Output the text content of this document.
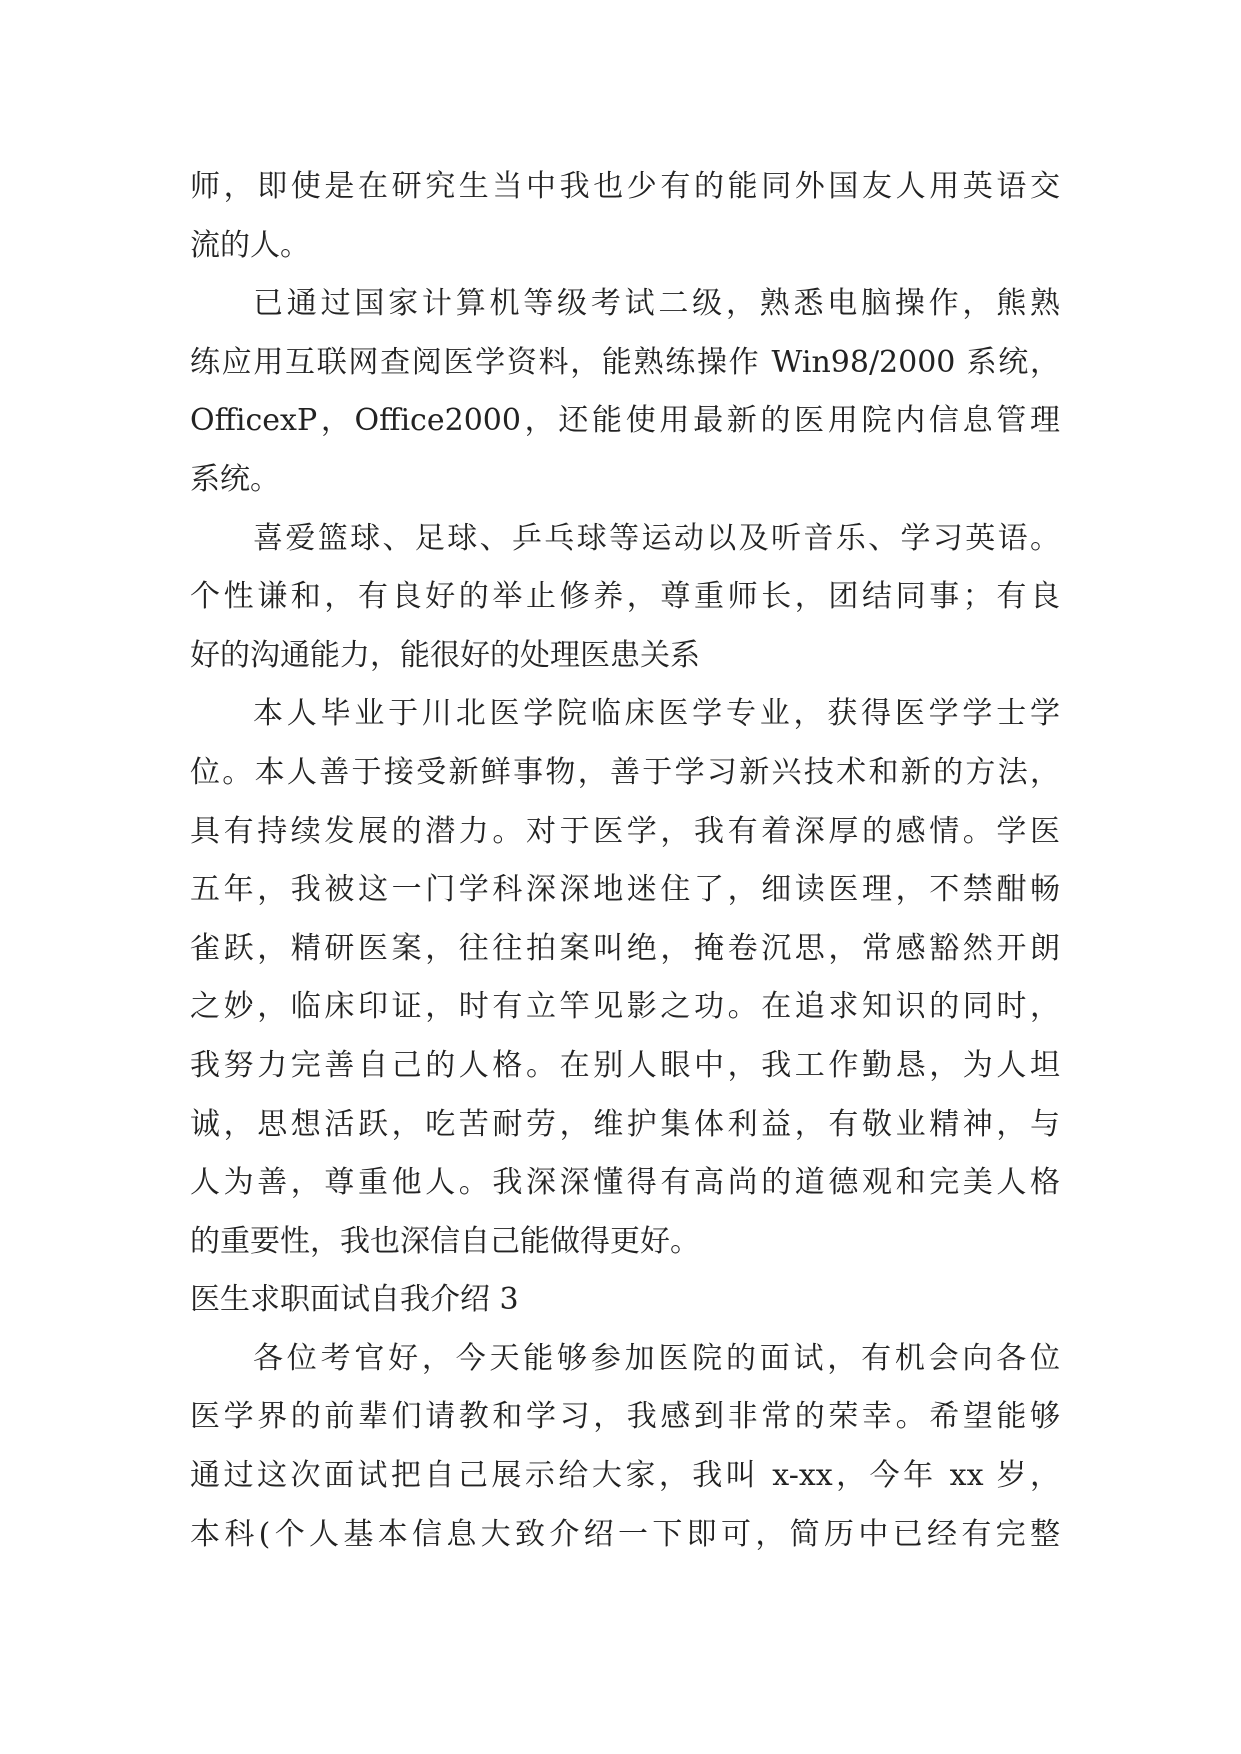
师，即使是在研究生当中我也少有的能同外国友人用英语交
流的人。
已通过国家计算机等级考试二级，熟悉电脑操作，熊熟
练应用互联网查阅医学资料，能熟练操作 Win98/2000 系统，
OfficexP，Office2000，还能使用最新的医用院内信息管理
系统。
喜爱篮球、足球、乒乓球等运动以及听音乐、学习英语。
个性谦和，有良好的举止修养，尊重师长，团结同事；有良
好的沟通能力，能很好的处理医患关系
本人毕业于川北医学院临床医学专业，获得医学学士学
位。本人善于接受新鲜事物，善于学习新兴技术和新的方法，
具有持续发展的潜力。对于医学，我有着深厚的感情。学医
五年，我被这一门学科深深地迷住了，细读医理，不禁酣畅
雀跃，精研医案，往往拍案叫绝，掩卷沉思，常感豁然开朗
之妙，临床印证，时有立竿见影之功。在追求知识的同时，
我努力完善自己的人格。在别人眼中，我工作勤恳，为人坦
诚，思想活跃，吃苦耐劳，维护集体利益，有敬业精神，与
人为善，尊重他人。我深深懂得有高尚的道德观和完美人格
的重要性，我也深信自己能做得更好。
医生求职面试自我介绍 3
各位考官好，今天能够参加医院的面试，有机会向各位
医学界的前辈们请教和学习，我感到非常的荣幸。希望能够
通过这次面试把自己展示给大家，我叫 x-xx，今年 xx 岁，
本科(个人基本信息大致介绍一下即可，简历中已经有完整
